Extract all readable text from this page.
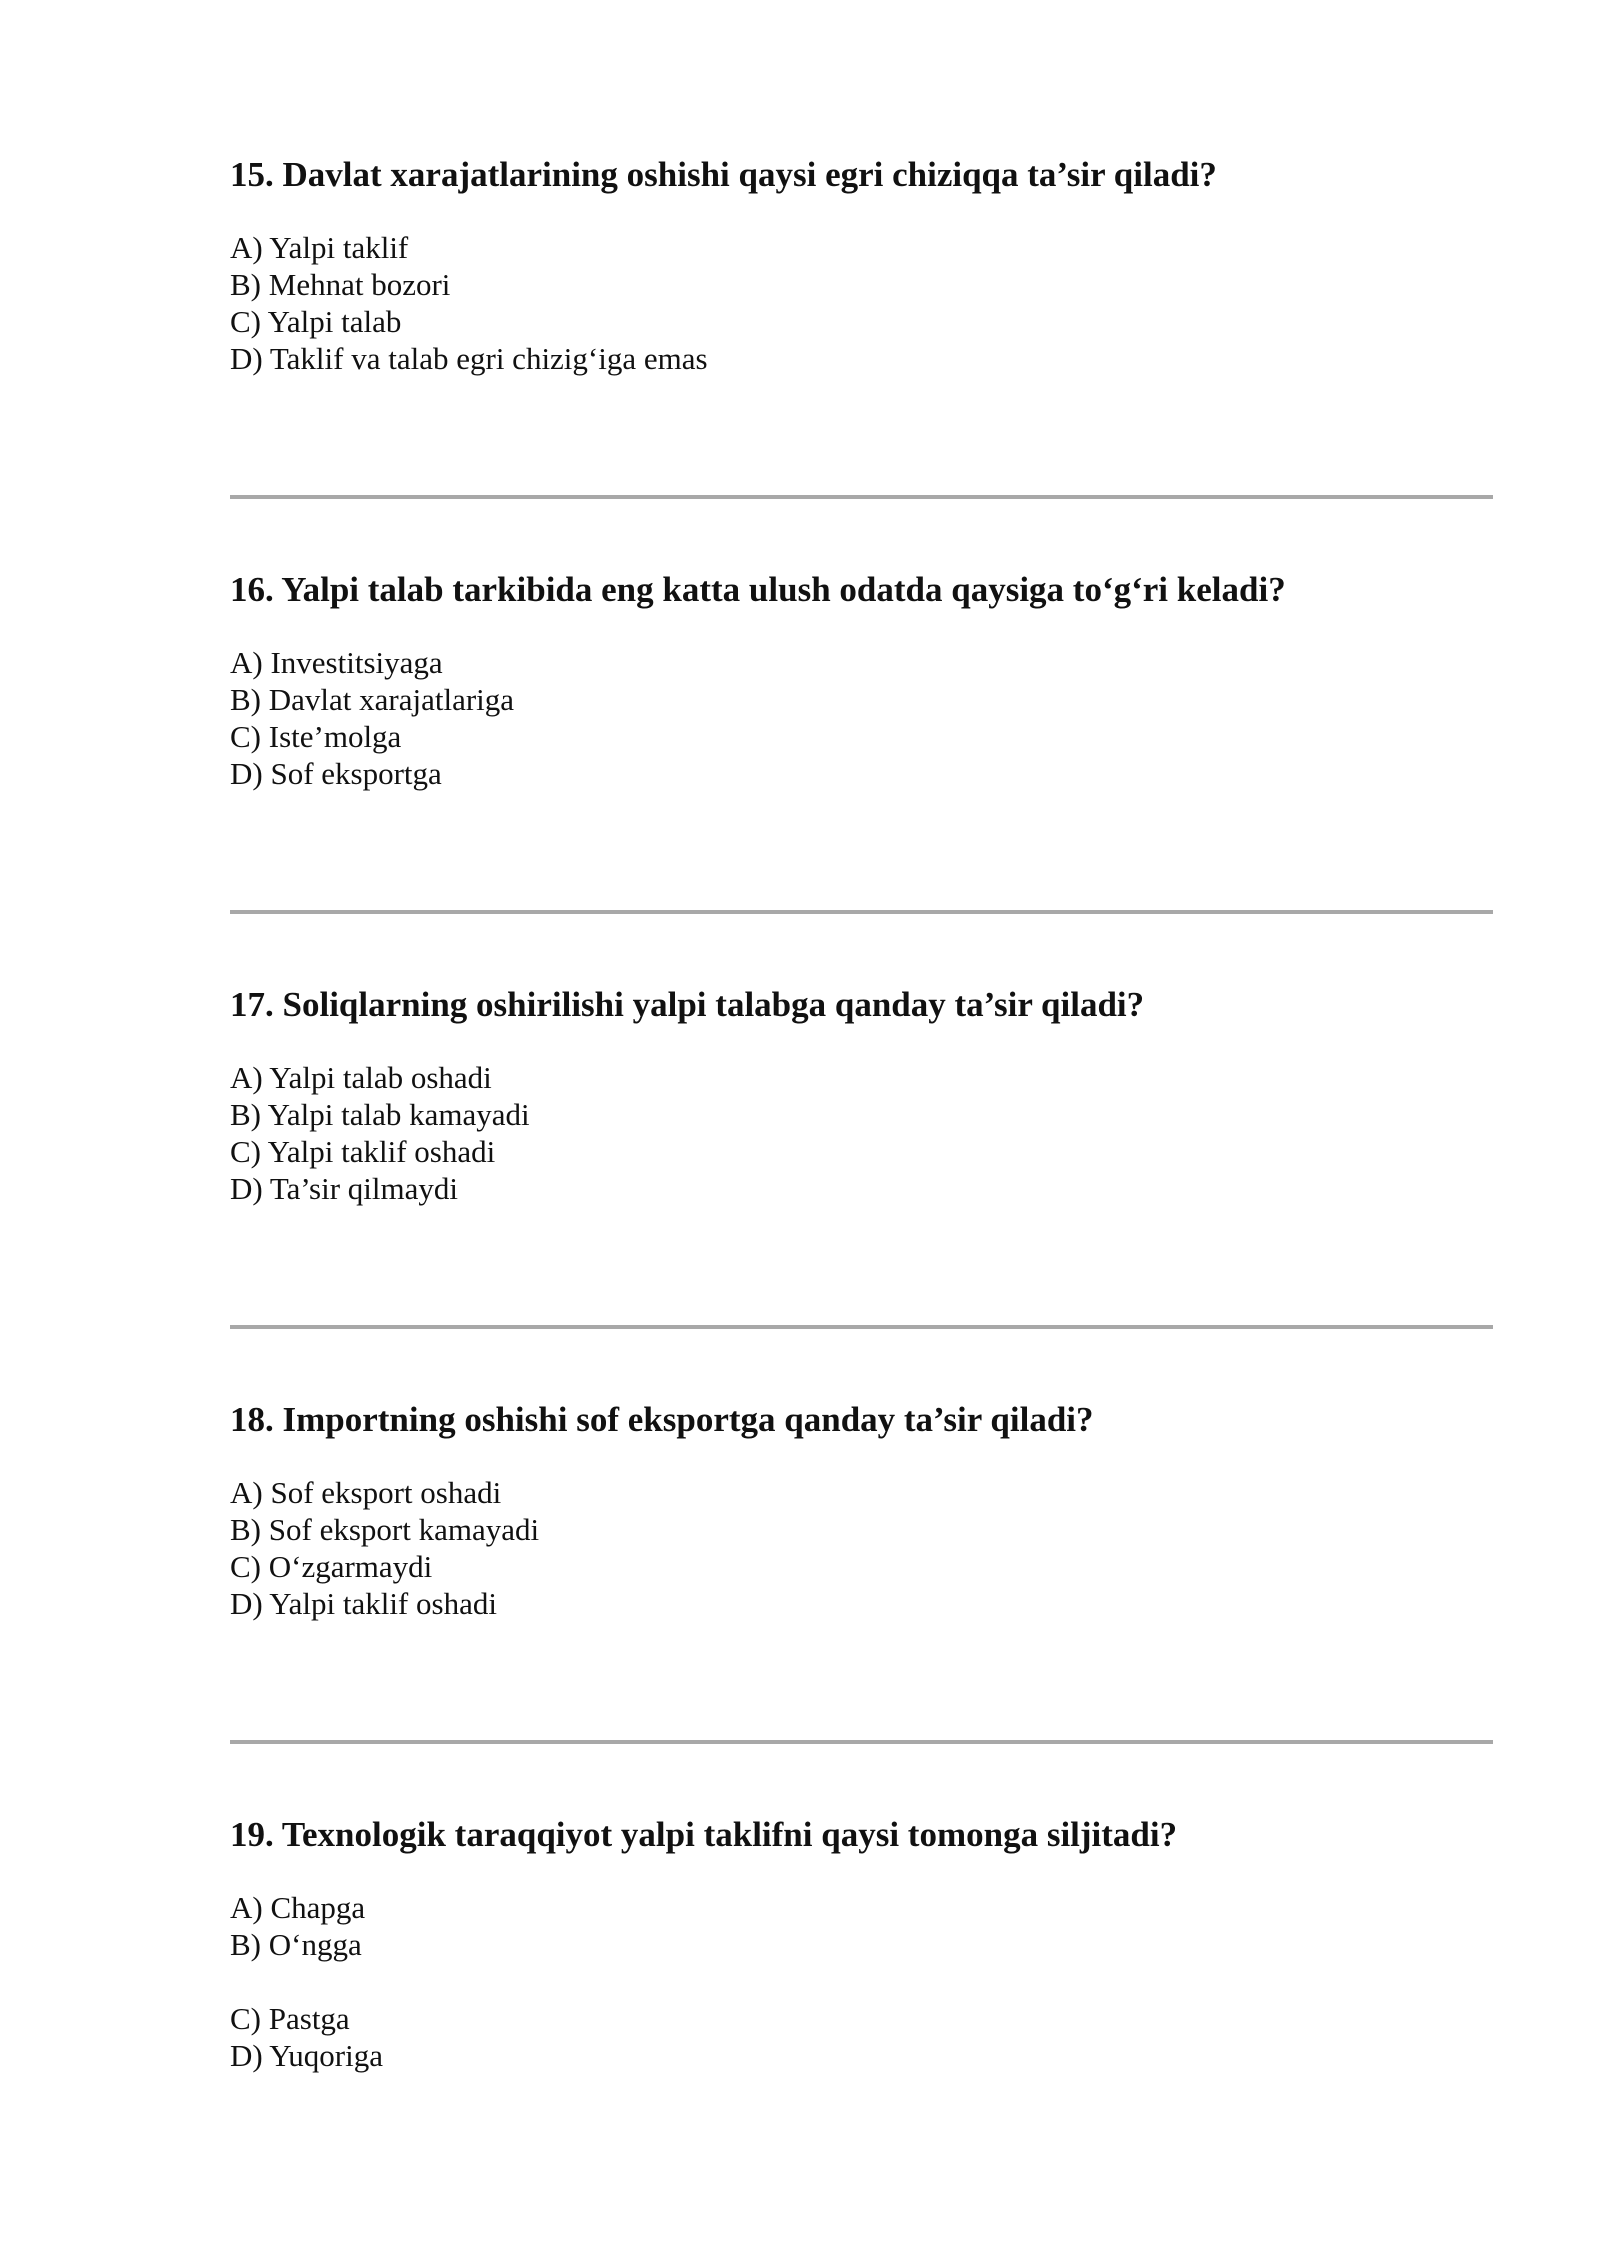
15. Davlat xarajatlarining oshishi qaysi egri chiziqqa ta’sir qiladi?

A) Yalpi taklif
B) Mehnat bozori
C) Yalpi talab
D) Taklif va talab egri chizig‘iga emas

16. Yalpi talab tarkibida eng katta ulush odatda qaysiga to‘g‘ri keladi?

A) Investitsiyaga
B) Davlat xarajatlariga
C) Iste’molga
D) Sof eksportga

17. Soliqlarning oshirilishi yalpi talabga qanday ta’sir qiladi?

A) Yalpi talab oshadi
B) Yalpi talab kamayadi
C) Yalpi taklif oshadi
D) Ta’sir qilmaydi

18. Importning oshishi sof eksportga qanday ta’sir qiladi?

A) Sof eksport oshadi
B) Sof eksport kamayadi
C) O‘zgarmaydi
D) Yalpi taklif oshadi

19. Texnologik taraqqiyot yalpi taklifni qaysi tomonga siljitadi?

A) Chapga
B) O‘ngga
C) Pastga
D) Yuqoriga
